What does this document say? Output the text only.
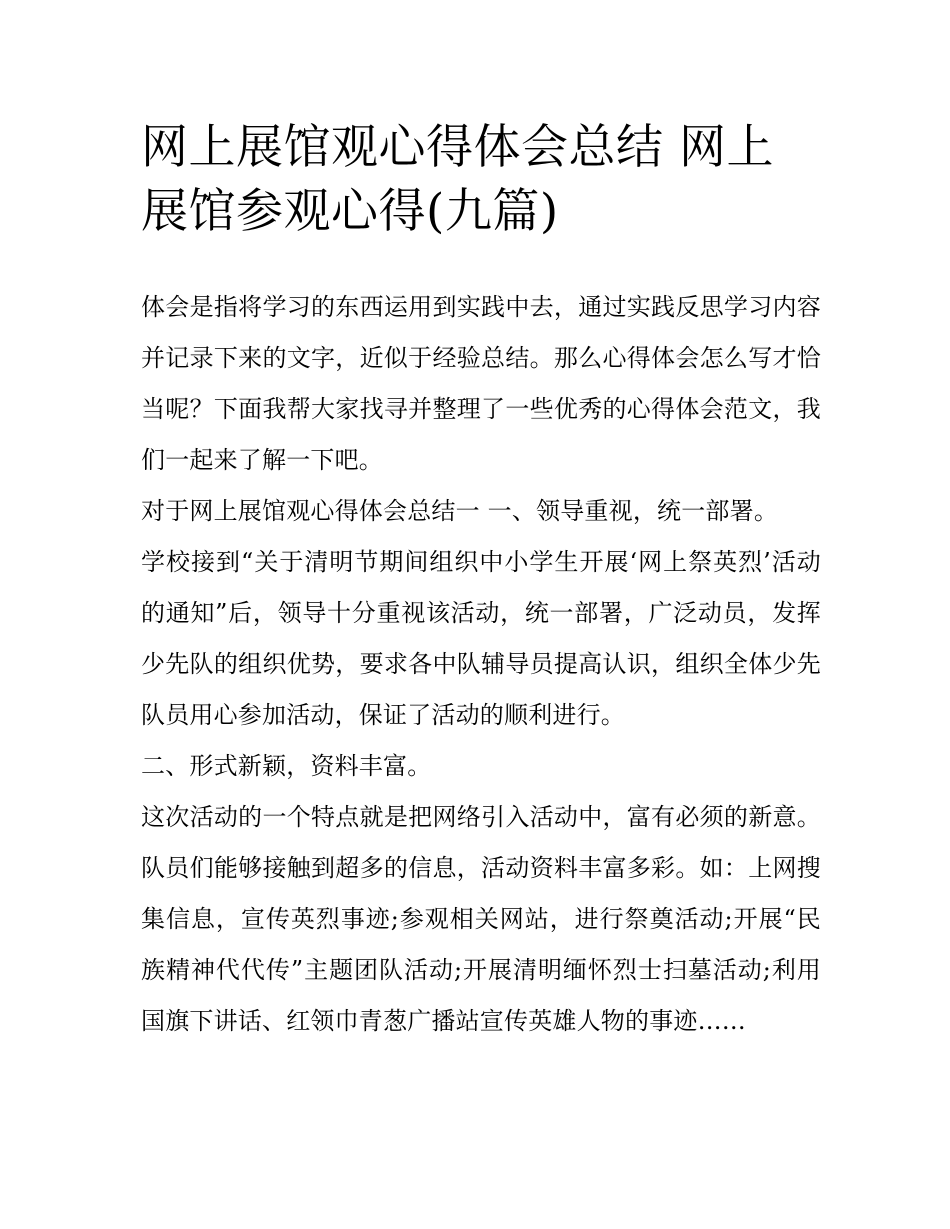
网上展馆观心得体会总结 网上展馆参观心得(九篇)

体会是指将学习的东西运用到实践中去，通过实践反思学习内容并记录下来的文字，近似于经验总结。那么心得体会怎么写才恰当呢？下面我帮大家找寻并整理了一些优秀的心得体会范文，我们一起来了解一下吧。

对于网上展馆观心得体会总结一 一、领导重视，统一部署。

学校接到“关于清明节期间组织中小学生开展‘网上祭英烈’活动的通知”后，领导十分重视该活动，统一部署，广泛动员，发挥少先队的组织优势，要求各中队辅导员提高认识，组织全体少先队员用心参加活动，保证了活动的顺利进行。

二、形式新颖，资料丰富。

这次活动的一个特点就是把网络引入活动中，富有必须的新意。队员们能够接触到超多的信息，活动资料丰富多彩。如：上网搜集信息，宣传英烈事迹;参观相关网站，进行祭奠活动;开展“民族精神代代传”主题团队活动;开展清明缅怀烈士扫墓活动;利用国旗下讲话、红领巾青葱广播站宣传英雄人物的事迹……
